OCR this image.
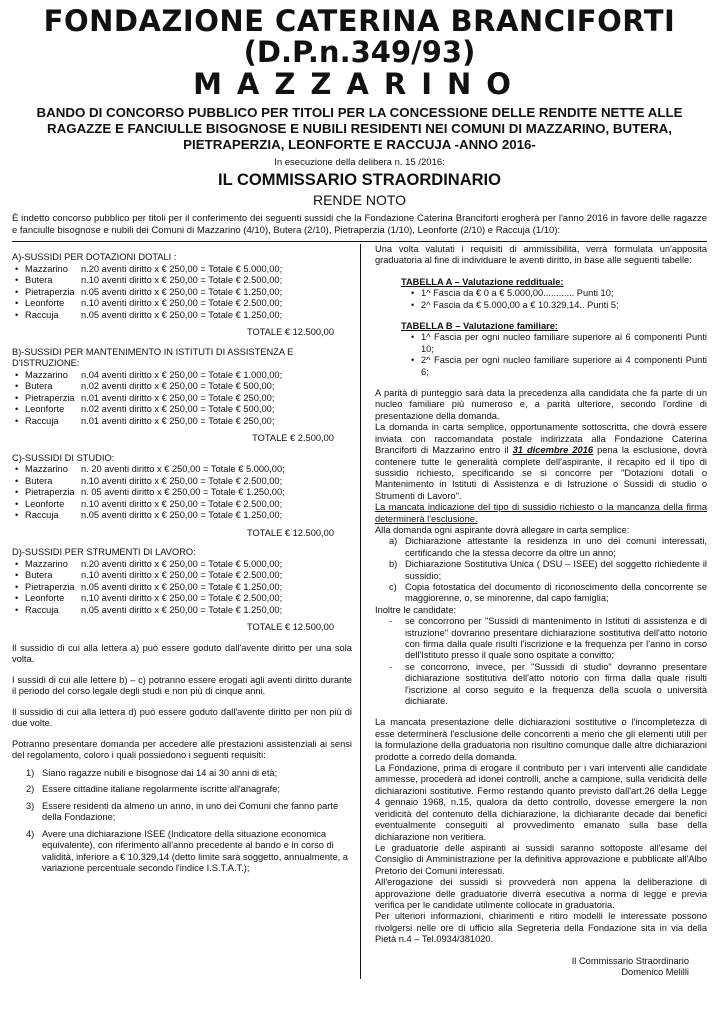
FONDAZIONE CATERINA BRANCIFORTI
(D.P.n.349/93)
MAZZARINO
BANDO DI CONCORSO PUBBLICO PER TITOLI PER LA CONCESSIONE DELLE RENDITE NETTE ALLE RAGAZZE E FANCIULLE BISOGNOSE E NUBILI RESIDENTI NEI COMUNI DI MAZZARINO, BUTERA, PIETRAPERZIA, LEONFORTE E RACCUJA -ANNO 2016-
In esecuzione della delibera n. 15 /2016:
IL COMMISSARIO STRAORDINARIO
RENDE NOTO
È indetto concorso pubblico per titoli per il conferimento dei seguenti sussidi che la Fondazione Caterina Branciforti erogherà per l'anno 2016 in favore delle ragazze e fanciulle bisognose e nubili dei Comuni di Mazzarino (4/10), Butera (2/10), Pietraperzia (1/10), Leonforte (2/10) e Raccuja (1/10):
A)-SUSSIDI PER DOTAZIONI DOTALI :
• Mazzarino	n.20 aventi diritto x € 250,00 = Totale € 5.000,00;
• Butera	n.10 aventi diritto x € 250,00 = Totale € 2.500,00;
• Pietraperzia n.05 aventi diritto x € 250,00 = Totale € 1.250,00;
• Leonforte	n.10 aventi diritto x € 250,00 = Totale € 2.500,00;
• Raccuja	n.05 aventi diritto x € 250,00 = Totale € 1.250,00;
TOTALE € 12.500,00
B)-SUSSIDI PER MANTENIMENTO IN ISTITUTI DI ASSISTENZA E D'ISTRUZIONE:
• Mazzarino	n.04 aventi diritto x € 250,00 = Totale € 1.000,00;
• Butera	n.02 aventi diritto x € 250,00 = Totale € 500,00;
• Pietraperzia n.01 aventi diritto x € 250,00 = Totale € 250,00;
• Leonforte	n.02 aventi diritto x € 250,00 = Totale € 500,00;
• Raccuja	n.01 aventi diritto x € 250,00 = Totale € 250,00;
TOTALE € 2.500,00
C)-SUSSIDI DI STUDIO:
• Mazzarino	n. 20 aventi diritto x € 250,00 = Totale € 5.000,00;
• Butera	n.10 aventi diritto x € 250,00 = Totale € 2.500,00;
• Pietraperzia n. 05 aventi diritto x € 250,00 = Totale € 1.250,00;
• Leonforte	n.10 aventi diritto x € 250,00 = Totale € 2.500,00;
• Raccuja	n.05 aventi diritto x € 250,00 = Totale € 1.250,00;
TOTALE € 12.500,00
D)-SUSSIDI PER STRUMENTI DI LAVORO:
• Mazzarino	n.20 aventi diritto x € 250,00 = Totale € 5.000,00;
• Butera	n.10 aventi diritto x € 250,00 = Totale € 2.500,00;
• Pietraperzia n.05 aventi diritto x € 250,00 = Totale € 1.250,00;
• Leonforte	n.10 aventi diritto x € 250,00 = Totale € 2.500,00;
• Raccuja	n.05 aventi diritto x € 250,00 = Totale € 1.250,00;
TOTALE € 12.500,00
Il sussidio di cui alla lettera a) può essere goduto dall'avente diritto per una sola volta.
I sussidi di cui alle lettere b) – c) potranno essere erogati agli aventi diritto durante il periodo del corso legale degli studi e non più di cinque anni.
Il sussidio di cui alla lettera d) può essere goduto dall'avente diritto per non più di due volte.
Potranno presentare domanda per accedere alle prestazioni assistenziali ai sensi del regolamento, coloro i quali possiedono i seguenti requisiti:
1) Siano ragazze nubili e bisognose dai 14 ai 30 anni di età;
2) Essere cittadine italiane regolarmente iscritte all'anagrafe;
3) Essere residenti da almeno un anno, in uno dei Comuni che fanno parte della Fondazione;
4) Avere una dichiarazione ISEE (Indicatore della situazione economica equivalente), con riferimento all'anno precedente al bando e in corso di validità, inferiore a € 10.329,14 (detto limite sarà soggetto, annualmente, a variazione percentuale secondo l'indice I.S.T.A.T.);
Una volta valutati i requisiti di ammissibilità, verrà formulata un'apposita graduatoria al fine di individuare le aventi diritto, in base alle seguenti tabelle:
TABELLA A – Valutazione reddituale:
• 1^ Fascia da € 0 a € 5.000,00............ Punti 10;
• 2^ Fascia da € 5.000,00 a € 10.329,14.. Punti 5;
TABELLA B – Valutazione familiare:
• 1^ Fascia per ogni nucleo familiare superiore ai 6 componenti Punti 10;
• 2^ Fascia per ogni nucleo familiare superiore ai 4 componenti Punti 6;
A parità di punteggio sarà data la precedenza alla candidata che fa parte di un nucleo familiare più numeroso e, a parità ulteriore, secondo l'ordine di presentazione della domanda.
La domanda in carta semplice, opportunamente sottoscritta, che dovrà essere inviata con raccomandata postale indirizzata alla Fondazione Caterina Branciforti di Mazzarino entro il 31 dicembre 2016 pena la esclusione, dovrà contenere tutte le generalità complete dell'aspirante, il recapito ed il tipo di sussidio richiesto, specificando se si concorre per "Dotazioni dotali o Mantenimento in Istituti di Assistenza e di Istruzione o Sussidi di studio o Strumenti di Lavoro".
La mancata indicazione del tipo di sussidio richiesto o la mancanza della firma determinerà l'esclusione.
Alla domanda ogni aspirante dovrà allegare in carta semplice:
a) Dichiarazione attestante la residenza in uno dei comuni interessati, certificando che la stessa decorre da oltre un anno;
b) Dichiarazione Sostitutiva Unica ( DSU – ISEE) del soggetto richiedente il sussidio;
c) Copia fotostatica del documento di riconoscimento della concorrente se maggiorenne, o, se minorenne, dal capo famiglia;
Inoltre le candidate:
-	se concorrono per "Sussidi di mantenimento in Istituti di assistenza e di istruzione" dovranno presentare dichiarazione sostitutiva dell'atto notorio con firma dalla quale risulti l'iscrizione e la frequenza per l'anno in corso dell'Istituto presso il quale sono ospitate a convitto;
-	se concorrono, invece, per "Sussidi di studio" dovranno presentare dichiarazione sostitutiva dell'atto notorio con firma dalla quale risulti l'iscrizione al corso seguito e la frequenza della scuola o università dichiarate.
La mancata presentazione delle dichiarazioni sostitutive o l'incompletezza di esse determinerà l'esclusione delle concorrenti a meno che gli elementi utili per la formulazione della graduatoria non risultino comunque dalle altre dichiarazioni prodotte a corredo della domanda.
La Fondazione, prima di erogare il contributo per i vari interventi alle candidate ammesse, procederà ad idonei controlli, anche a campione, sulla veridicità delle dichiarazioni sostitutive. Fermo restando quanto previsto dall'art.26 della Legge 4 gennaio 1968, n.15, qualora da detto controllo, dovesse emergere la non veridicità del contenuto della dichiarazione, la dichiarante decade dai benefici eventualmente conseguiti al provvedimento emanato sulla base della dichiarazione non veritiera.
Le graduatorie delle aspiranti ai sussidi saranno sottoposte all'esame del Consiglio di Amministrazione per la definitiva approvazione e pubblicate all'Albo Pretorio dei Comuni interessati.
All'erogazione dei sussidi si provvederà non appena la deliberazione di approvazione delle graduatorie diverrà esecutiva a norma di legge e previa verifica per le candidate utilmente collocate in graduatoria.
Per ulteriori informazioni, chiarimenti e ritiro modelli le interessate possono rivolgersi nelle ore di ufficio alla Segreteria della Fondazione sita in via della Pietà n.4 – Tel.0934/381020.
Il Commissario Straordinario
Domenico Melilli
